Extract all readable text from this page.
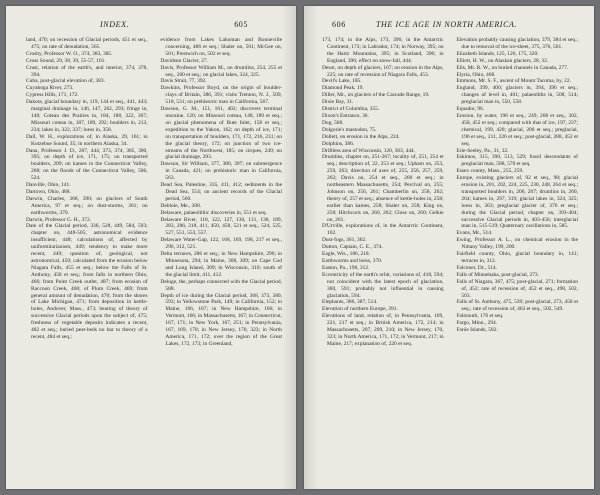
INDEX.	605

land, 470; on recession of Glacial periods, 451 et seq., 475; on rate of denudation, 565.

Crosby, Professor W. O., 374, 383, 385.

Cross Sound, 29, 38, 39, 55-57, 161.

Crust, relation of the earth's, and interior, 374, 378, 394.

Cuba, post-glacial elevation of, 383.

Cuyahoga River, 273.

Cypress Hills, 171, 172.

Dakota, glacial boundary in, 119, 144 et seq., 441, 443; marginal drainage in, 146, 147, 262, 293; fringe in, 146; Coteau des Prairies in, 184, 188, 322, 367; Missouri coteau in, 187, 189, 292; boulders in, 213, 234; lakes in, 322, 337; loess in, 358.

Dall, W. H., explorations of, in Alaska, 29, 161; in Kotzebue Sound, 35; in northern Alaska, 34.

Dana, Professor J. D., 287, 444, 373, 374, 385, 390, 395; on depth of ice, 171, 175; on transported boulders, 209; on kames in the Connecticut Valley, 268; on the floods of the Connecticut Valley, 506, 524.

Danville, Ohio, 141.

Dartown, Ohio, 488.

Darwin, Charles, 368, 390; on glaciers of South America, 97 et seq.; on dust-storms, 361; on earthworms, 370.

Darwin, Professor G. H., 372.

Date of the Glacial period, 336, 528, 449, 584, 593; chapter on, 448-505; astronomical evidence insufficient, 448; calculations of, affected by uniformitarianism, 449; tendency to make more recent, 449; question of, geological, not astronomical, 450; calculated from the erosion below Niagara Falls, 455 et seq.; below the Falls of St. Anthony, 458 et seq.; from falls in northern Ohio, 466; from Point Creek outlet, 487; from erosion of Raccoon Creek, 468; of Plum Creek, 469; from general amount of denudation, 470; from the shores of Lake Michigan, 471; from deposition in kettle-holes, Andover, Mass., 473; bearing of theory of successive Glacial periods upon the subject of, 475; freshness of vegetable deposits indicates a recent, 482 et seq.; buried peat-beds no bar to theory of a recent, 484 et seq.;

evidence from Lakes Lahontan and Bonneville concerning, 486 et seq.; Shaler on, 501; McGee on, 501; Prestwich on, 502 et seq.

Davidson Glacier, 27.

Davis, Professor William M., on drumlins, 254, 255 et seq., 260 et seq.; on glacial lakes, 324, 325.

Davis Strait, 77, 392.

Dawkins, Professor Boyd, on the origin of boulder-clays of Britain, 386, 391; visits Trenton, N. J., 509, 518, 531; on prehistoric man in California, 567.

Dawson, G. M., 151, 161, 402; discovers terminal moraine, 120; on Missouri coteau, 148, 189 et seq.; on glacial phenomena of Bute Inlet, 158 et seq.; expedition to the Yukon, 162; on depth of ice, 171; on transportation of boulders, 171, 172, 216, 231; on the glacial theory, 172; on junction of two ice-streams of the Northwest, 185; on cirques, 249; on glacial drainage, 293.

Dawson, Sir William, 377, 380, 397; on submergence in Canada, 421; on prehistoric man in California, 563.

Dead Sea, Palestine, 335, 411, 412; sediments in the Dead Sea, 554; on ancient records of the Glacial period, 560.

Debloie, Me., 308.

Delaware, palaeolithic discoveries in, 551 et seq.

Delaware River, 118, 122, 127, 130, 131, 138, 189, 283, 286, 318, 411, 450, 458, 521 et seq., 524, 525, 527, 551, 553, 557.

Delaware Water-Gap, 122, 168, 169, 198, 217 et seq., 296, 312, 521.

Delta terraces, 286 et seq.; in New Hampshire, 290; in Minnesota, 294; in Maine, 308, 309; on Cape Cod and Long Island, 309; in Wisconsin, 310; south of the glacial limit, 411, 412.

Deluge, the, perhaps connected with the Glacial period, 588.

Depth of ice during the Glacial period, 368, 373, 380, 593; in Yellowstone Park, 149; in California, 152; in Maine, 166, 167; in New Hampshire, 166; in Vermont, 166; in Massachusetts, 167; in Connecticut, 167, 171; in New York, 167, 251; in Pennsylvania, 167, 169, 170; in New Jersey, 170, 323; in North America, 171, 172; over the region of the Great Lakes, 172, 173; in Greenland,

606	THE ICE AGE IN NORTH AMERICA.

173, 174; in the Alps, 173, 396; in the Antarctic Continent, 173; in Labrador, 174; in Norway, 395; on the Hartz Mountains, 395; in Scotland, 396; in England, 396; effect on snow-fall, 444.

Desor, on depth of glaciers, 167; on erosion in the Alps, 225; on rate of recession of Niagara Falls, 453.

Devil's Lake, 185.

Diamond Peak, 19.

Diller, Mr., on glaciers of the Cascade Range, 19.

Dixie Bay, 31.

District of Columbia, 355.

Dixon's Entrance, 36.

Dog, 568.

Dolgorie's mastodon, 75.

Dollett, on erosion in the Alps, 224.

Dolphins, 386.

Driftless area of Wisconsin, 120, 363, 444.

Drumlins, chapter on, 251-267; locality of, 251, 254 et seq.; description of, 22, 253 et seq.; Upham on, 253, 259, 263; direction of axes of, 255, 256, 257, 259, 262; Davis on, 254 et seq., 260 et seq.; in northeastern Massachusetts, 254; Percival on, 255; Johnson on, 256, 261; Chamberlin on, 258, 262; theory of, 257 et seq.; absence of kettle-holes in, 258; earlier than kames, 258; Shaler on, 258; King on, 258; Hitchcock on, 260, 262; Close on, 260; Gelkie on, 261.

D'Urville, explorations of, in the Antarctic Continent, 102.

Dust-fogs, 361, 362.

Dutton, Captain, C. E., 374.

Eagle, Wis., 186, 218.

Earthworms and loess, 370.

Easton, Pa., 198, 312.

Eccentricity of the earth's orbit, variations of, 418, 594; not coincident with the latest epoch of glaciation, 380, 591; probably not influential in causing glaciation, 594.

Elephants, 386, 387, 514.

Elevation of northern Europe, 391.

Elevations of land, relation of, in Pennsylvania, 169, 221, 217 et seq.; in British America, 172, 214; in Massachusetts, 207, 209, 210; in New Jersey, 170, 323; in North America, 171, 172; in Vermont, 217; in Maine, 217; explanation of, 220 et seq.

Elevation probably causing glaciation, 379, 384 et seq.; due to removal of the ice-sheet, 375, 376, 501.

Elizabeth Islands, 125, 126, 175, 320.

Elliott, H. W., on Alaskan glaciers, 28, 32.

Ells, Mr. R. W., on buried channels in Canada, 277.

Elyria, Ohio, 468.

Emmons, Mr. S. F., ascent of Mount Tacoma, by, 22.

England, 399, 400; glaciers in, 394, 396 et seq.; changes of level in, 401; palaeoliths in, 508, 514; preglacial man in, 550, 558.

Equador, 96.

Erosion, by water, 196 et seq., 249, 268 et seq., 302, 458, 452 et seq.; compared with that of ice, 197, 237; chemical, 199, 420; glacial, 200 et seq.; preglacial, 196 et seq., 211, 226 et seq.; post-glacial, 288, 452 et seq.

Erie-Seeley, Pa., 31, 32.

Eskimos, 315, 390, 513, 529; fossil descendants of preglacial man, 588, 570 et seq.

Essex county, Mass., 255, 259.

Europe, existing glaciers of, 92 et seq., 98; glacial erosion in, 201, 202, 224, 225, 230, 248, 264 et seq.; transported boulders in, 206, 207; drumlins in, 260, 264; kames in, 297, 319; glacial lakes in, 324, 325; loess in, 363; preglacial glacier of, 376 et seq.; during the Glacial period, chapter on, 393-404; successive Glacial periods in, 403-456; interglacial man in, 515-519; Quaternary oscillations in, 585.

Evans, Mr., 514.

Ewing, Professor A. L., on chemical erosion in the Nittany Valley, 199, 200.

Fairfield county, Ohio, glacial boundary in, 141; terraces in, 312.

Falconer, Dr., 514.

Falls of Minnehaha, post-glacial, 273.

Falls of Niagara, 367, 475; post-glacial, 271; formation of, 452; rate of recession of, 452 et seq., 498, 502, 503.

Falls of St. Anthony, 475, 539; post-glacial, 273, 458 et seq.; rate of recession of, 463 et seq., 502, 549.

Falmouth, 176 et seq.

Fargo, Minn., 294.

Faröe Islands, 582.
